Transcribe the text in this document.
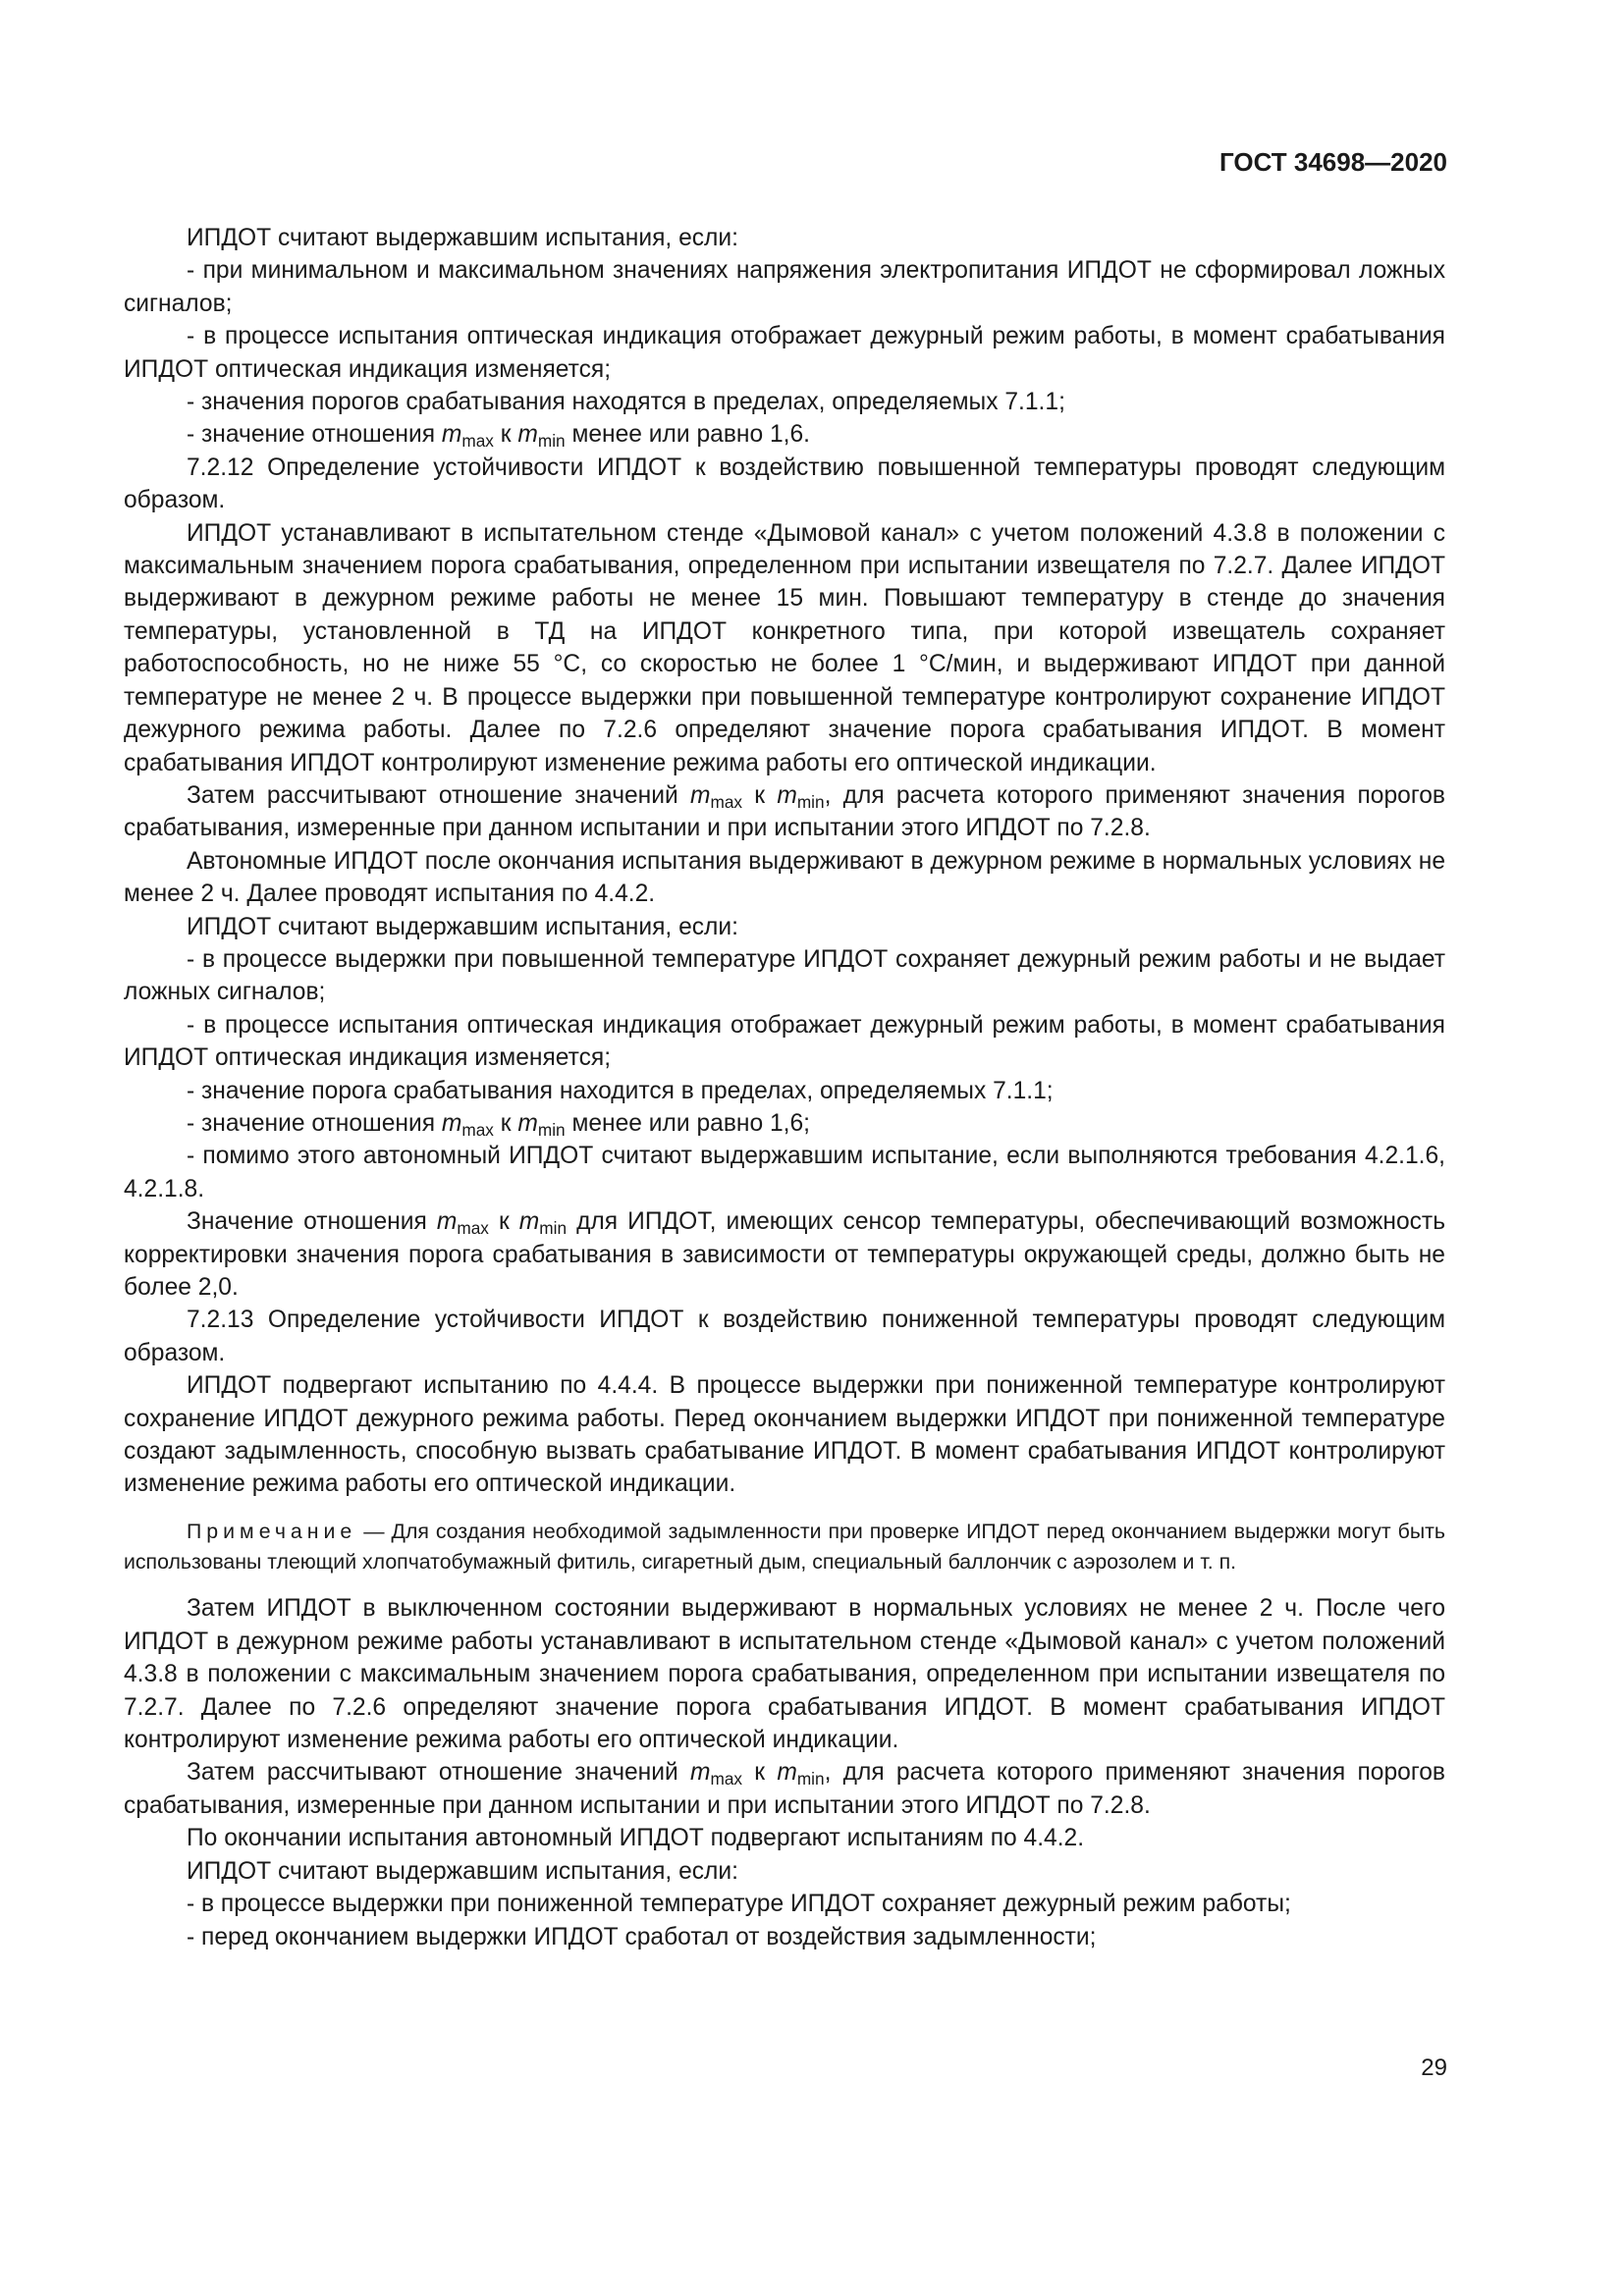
ГОСТ 34698—2020

ИПДОТ считают выдержавшим испытания, если:

- при минимальном и максимальном значениях напряжения электропитания ИПДОТ не сформировал ложных сигналов;

- в процессе испытания оптическая индикация отображает дежурный режим работы, в момент срабатывания ИПДОТ оптическая индикация изменяется;

- значения порогов срабатывания находятся в пределах, определяемых 7.1.1;

- значение отношения $m_{max}$ к $m_{min}$ менее или равно 1,6.

7.2.12 Определение устойчивости ИПДОТ к воздействию повышенной температуры проводят следующим образом.

ИПДОТ устанавливают в испытательном стенде «Дымовой канал» с учетом положений 4.3.8 в положении с максимальным значением порога срабатывания, определенном при испытании извещателя по 7.2.7. Далее ИПДОТ выдерживают в дежурном режиме работы не менее 15 мин. Повышают температуру в стенде до значения температуры, установленной в ТД на ИПДОТ конкретного типа, при которой извещатель сохраняет работоспособность, но не ниже 55 °С, со скоростью не более 1 °С/мин, и выдерживают ИПДОТ при данной температуре не менее 2 ч. В процессе выдержки при повышенной температуре контролируют сохранение ИПДОТ дежурного режима работы. Далее по 7.2.6 определяют значение порога срабатывания ИПДОТ. В момент срабатывания ИПДОТ контролируют изменение режима работы его оптической индикации.

Затем рассчитывают отношение значений $m_{max}$ к $m_{min}$, для расчета которого применяют значения порогов срабатывания, измеренные при данном испытании и при испытании этого ИПДОТ по 7.2.8.

Автономные ИПДОТ после окончания испытания выдерживают в дежурном режиме в нормальных условиях не менее 2 ч. Далее проводят испытания по 4.4.2.

ИПДОТ считают выдержавшим испытания, если:

- в процессе выдержки при повышенной температуре ИПДОТ сохраняет дежурный режим работы и не выдает ложных сигналов;

- в процессе испытания оптическая индикация отображает дежурный режим работы, в момент срабатывания ИПДОТ оптическая индикация изменяется;

- значение порога срабатывания находится в пределах, определяемых 7.1.1;

- значение отношения $m_{max}$ к $m_{min}$ менее или равно 1,6;

- помимо этого автономный ИПДОТ считают выдержавшим испытание, если выполняются требования 4.2.1.6, 4.2.1.8.

Значение отношения $m_{max}$ к $m_{min}$ для ИПДОТ, имеющих сенсор температуры, обеспечивающий возможность корректировки значения порога срабатывания в зависимости от температуры окружающей среды, должно быть не более 2,0.

7.2.13 Определение устойчивости ИПДОТ к воздействию пониженной температуры проводят следующим образом.

ИПДОТ подвергают испытанию по 4.4.4. В процессе выдержки при пониженной температуре контролируют сохранение ИПДОТ дежурного режима работы. Перед окончанием выдержки ИПДОТ при пониженной температуре создают задымленность, способную вызвать срабатывание ИПДОТ. В момент срабатывания ИПДОТ контролируют изменение режима работы его оптической индикации.

Примечание — Для создания необходимой задымленности при проверке ИПДОТ перед окончанием выдержки могут быть использованы тлеющий хлопчатобумажный фитиль, сигаретный дым, специальный баллончик с аэрозолем и т. п.

Затем ИПДОТ в выключенном состоянии выдерживают в нормальных условиях не менее 2 ч. После чего ИПДОТ в дежурном режиме работы устанавливают в испытательном стенде «Дымовой канал» с учетом положений 4.3.8 в положении с максимальным значением порога срабатывания, определенном при испытании извещателя по 7.2.7. Далее по 7.2.6 определяют значение порога срабатывания ИПДОТ. В момент срабатывания ИПДОТ контролируют изменение режима работы его оптической индикации.

Затем рассчитывают отношение значений $m_{max}$ к $m_{min}$, для расчета которого применяют значения порогов срабатывания, измеренные при данном испытании и при испытании этого ИПДОТ по 7.2.8.

По окончании испытания автономный ИПДОТ подвергают испытаниям по 4.4.2.

ИПДОТ считают выдержавшим испытания, если:

- в процессе выдержки при пониженной температуре ИПДОТ сохраняет дежурный режим работы;

- перед окончанием выдержки ИПДОТ сработал от воздействия задымленности;

29
